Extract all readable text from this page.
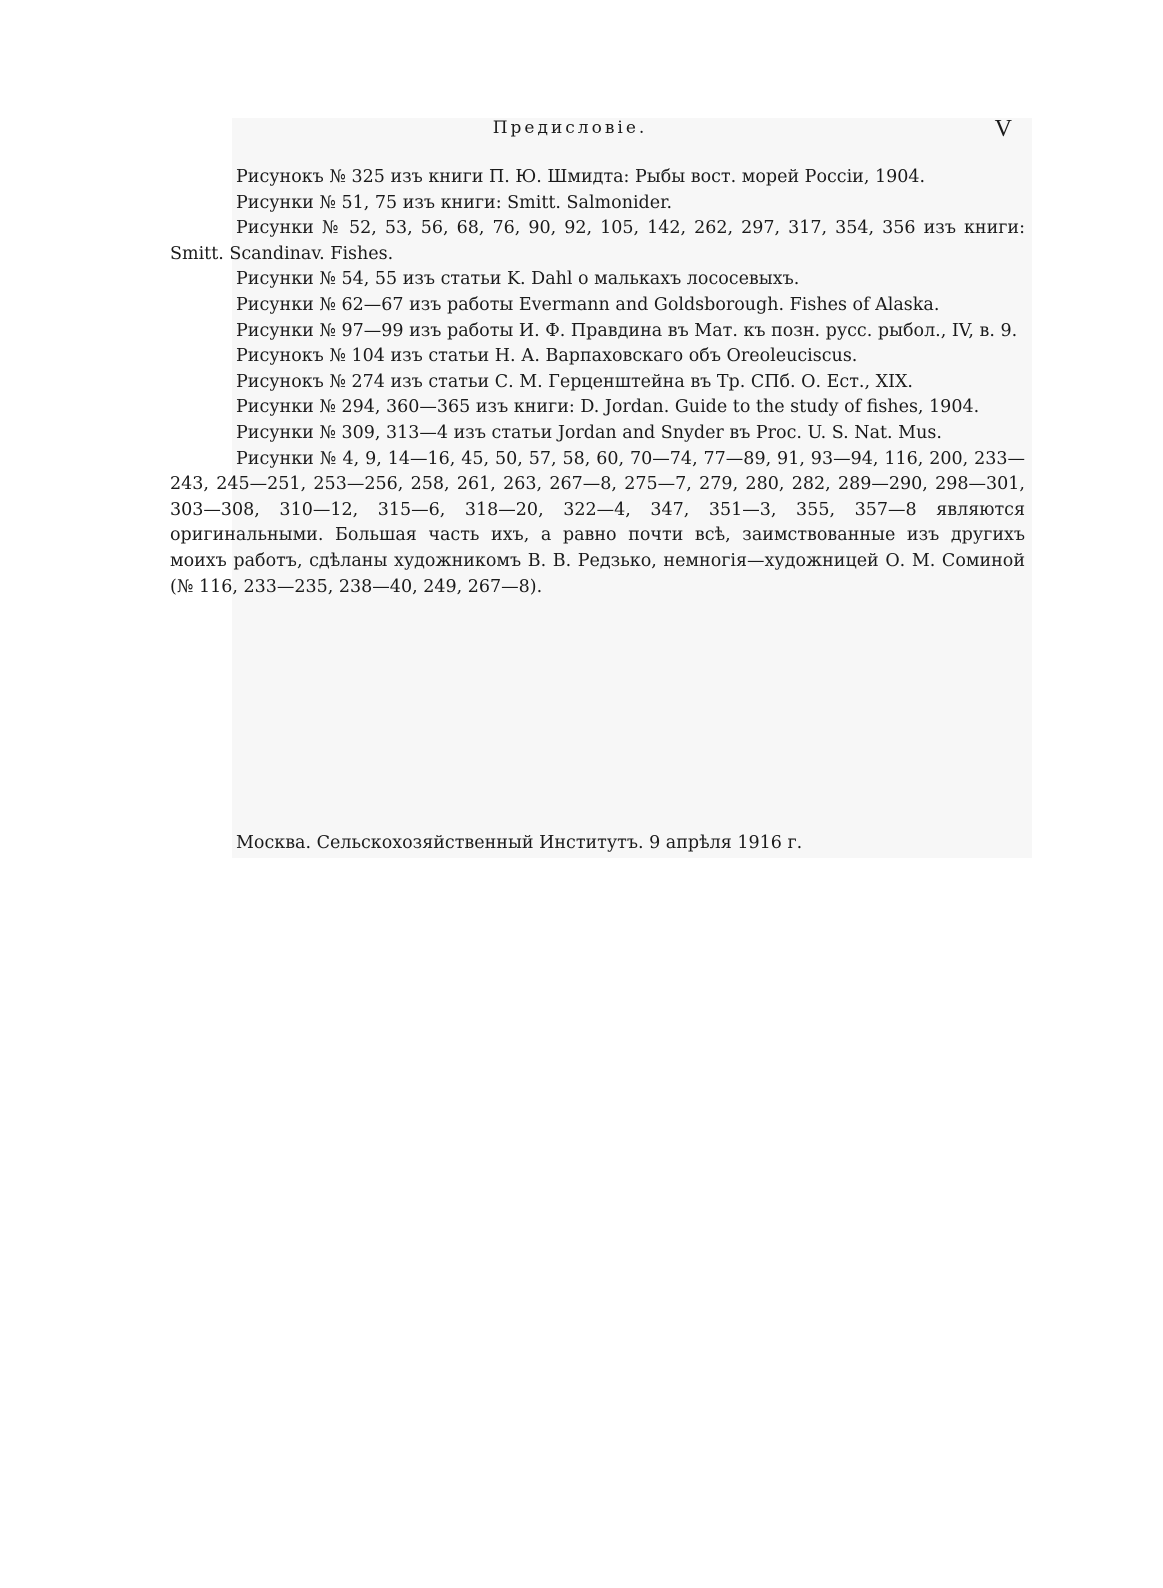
Предисловіе.	V

Рисунокъ № 325 изъ книги П. Ю. Шмидта: Рыбы вост. морей Россіи, 1904.

Рисунки № 51, 75 изъ книги: Smitt. Salmonider.

Рисунки № 52, 53, 56, 68, 76, 90, 92, 105, 142, 262, 297, 317, 354, 356 изъ книги: Smitt. Scandinav. Fishes.

Рисунки № 54, 55 изъ статьи K. Dahl о малькахъ лососевыхъ.

Рисунки № 62—67 изъ работы Evermann and Goldsborough. Fishes of Alaska.

Рисунки № 97—99 изъ работы И. Ф. Правдина въ Мат. къ позн. русс. рыбол., IV, в. 9.

Рисунокъ № 104 изъ статьи Н. А. Варпаховскаго объ Oreoleuciscus.

Рисунокъ № 274 изъ статьи С. М. Герценштейна въ Тр. СПб. О. Ест., XIX.

Рисунки № 294, 360—365 изъ книги: D. Jordan. Guide to the study of fishes, 1904.

Рисунки № 309, 313—4 изъ статьи Jordan and Snyder въ Proc. U. S. Nat. Mus.

Рисунки № 4, 9, 14—16, 45, 50, 57, 58, 60, 70—74, 77—89, 91, 93—94, 116, 200, 233—243, 245—251, 253—256, 258, 261, 263, 267—8, 275—7, 279, 280, 282, 289—290, 298—301, 303—308, 310—12, 315—6, 318—20, 322—4, 347, 351—3, 355, 357—8 являются оригинальными. Большая часть ихъ, а равно почти всѣ, заимствованные изъ другихъ моихъ работъ, сдѣланы художникомъ В. В. Редзько, немногія—художницей О. М. Соминой (№ 116, 233—235, 238—40, 249, 267—8).

Москва. Сельскохозяйственный Институтъ. 9 апрѣля 1916 г.
